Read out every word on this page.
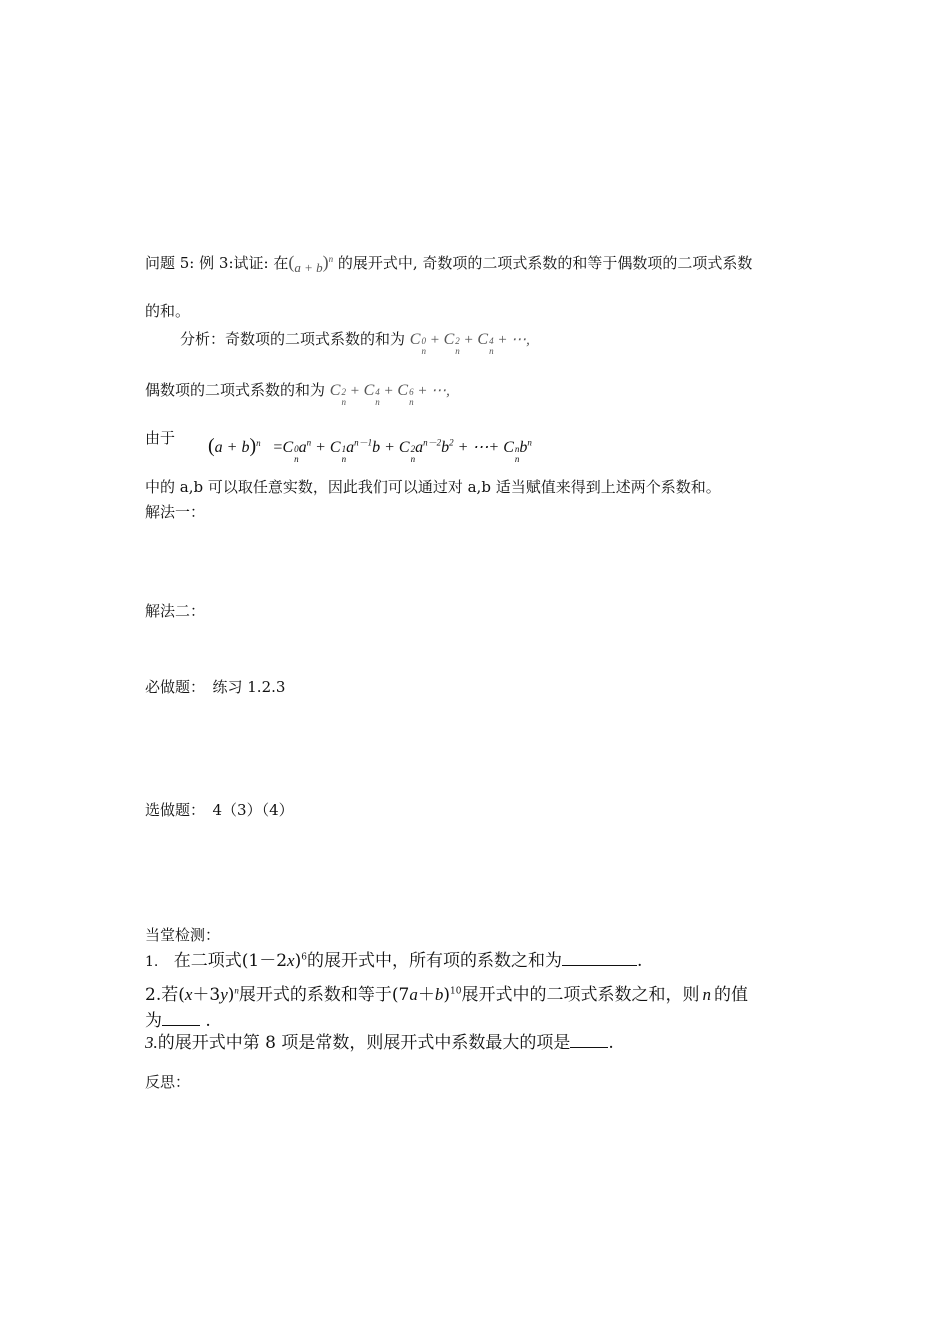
问题 5: 例 3:试证: 在$(a + b)^n$ 的展开式中, 奇数项的二项式系数的和等于偶数项的二项式系数
的和。
分析：奇数项的二项式系数的和为 C 0
n
+ C 2
n
+ C 4
n
+ ⋯,
偶数项的二项式系数的和为 C 2
n
+ C 4
n
+ C 6
n
+ ⋯,
由于 $(a + b)^n =C$ 0
n
$a^n + C$ 1
n
$a^{n-1}b + C$ 2
n
$a^{n-2}b^2$ + ⋯+ C n
n
$b^n$
中的 a,b 可以取任意实数，因此我们可以通过对 a,b 适当赋值来得到上述两个系数和。
解法一：
解法二：
必做题：　练习 1.2.3
选做题：　4（3）（4）
当堂检测：
1. 在二项式$(1-2x)^6$的展开式中，所有项的系数之和为	.
2.若$(x+3y)^n$展开式的系数和等于$(7a+b)^{10}$展开式中的二项式系数之和，则 n 的值
为	.
3.的展开式中第 8 项是常数，则展开式中系数最大的项是 .
反思：
